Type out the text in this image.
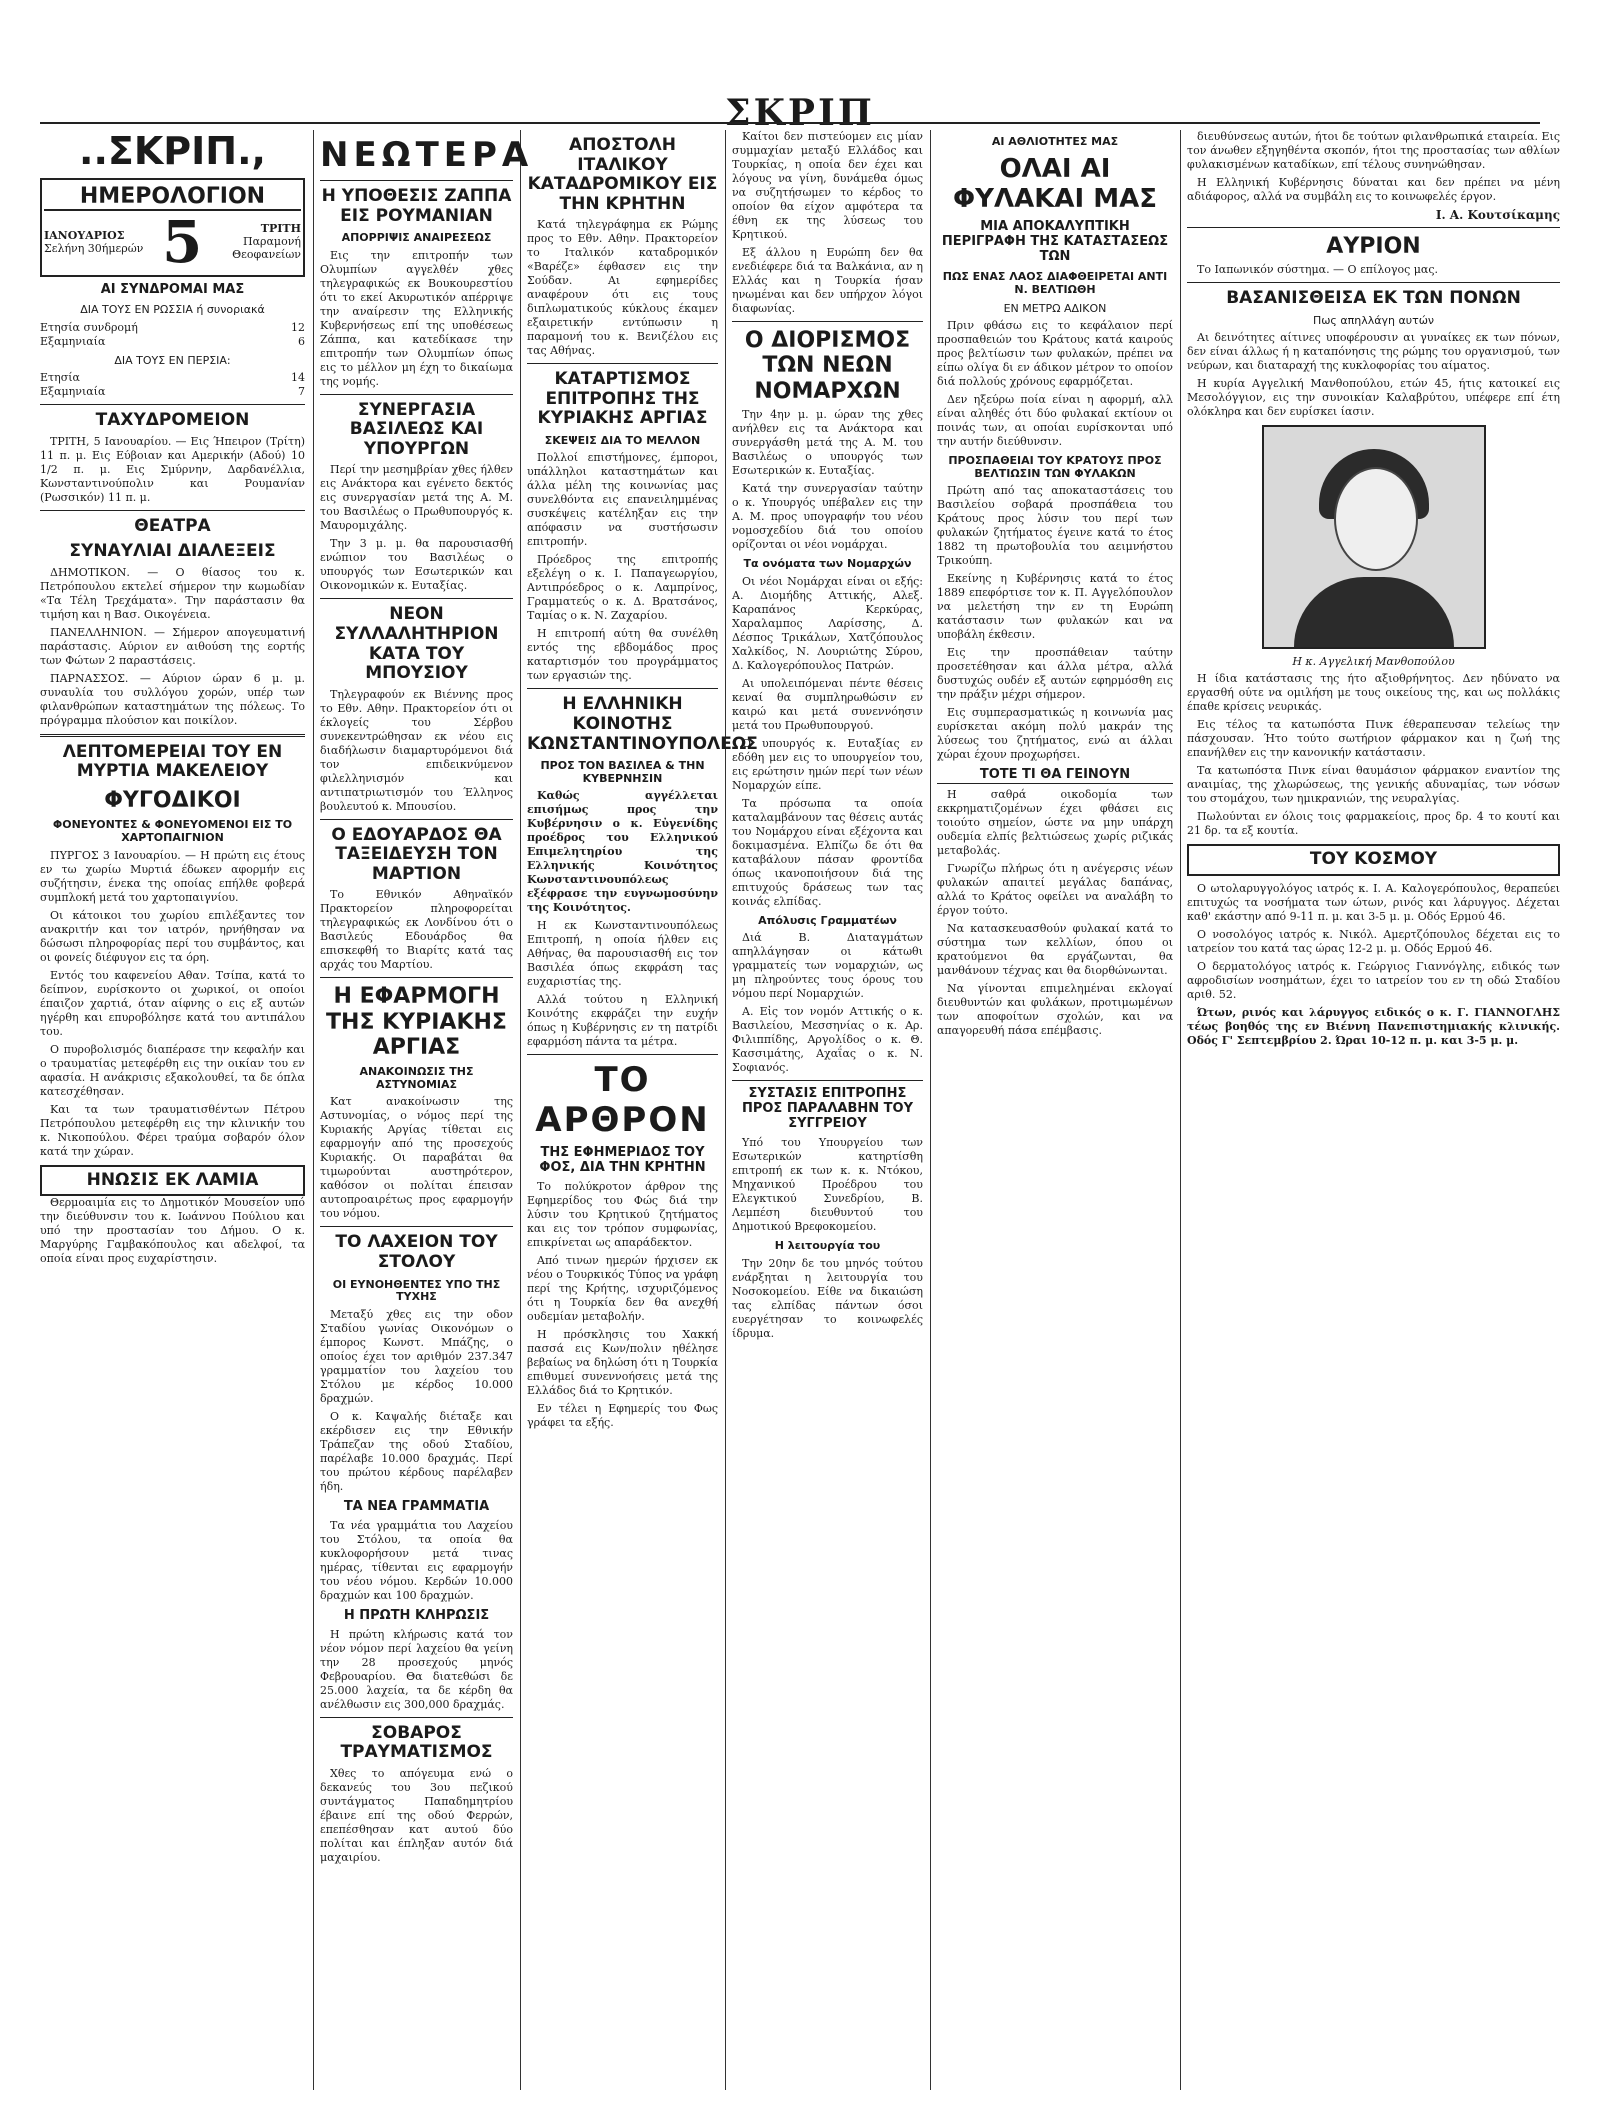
ΣΚΡΙΠ
..ΣΚΡΙΠ.,
ΗΜΕΡΟΛΟΓΙΟΝ
ΙΑΝΟΥΑΡΙΟΣ
Σελήνη 30ήμερών 5	ΤΡΙΤΗ
Παραμονή Θεοφανείων
ΑΙ ΣΥΝΔΡΟΜΑΙ ΜΑΣ
ΔΙΑ ΤΟΥΣ ΕΝ ΡΩΣΣΙΑ ή συνοριακά
Ετησία συνδρομή	12
Εξαμηνιαία	6
ΔΙΑ ΤΟΥΣ ΕΝ ΠΕΡΣΙΑ:
Ετησία	14
Εξαμηνιαία	7
ΤΑΧΥΔΡΟΜΕΙΟΝ

ΤΡΙΤΗ, 5 Ιανουαρίου. — Εις Ήπειρον (Τρίτη) 11 π. μ. Εις Εύβοιαν και Αμερικήν (Αδού) 10 1/2 π. μ. Εις Σμύρνην, Δαρδανέλλια, Κωνσταντινούπολιν και Ρουμανίαν (Ρωσσικόν) 11 π. μ.

ΘΕΑΤΡΑ
ΣΥΝΑΥΛΙΑΙ ΔΙΑΛΕΞΕΙΣ

ΔΗΜΟΤΙΚΟΝ. — Ο θίασος του κ. Πετρόπουλου εκτελεί σήμερον την κωμωδίαν «Τα Τέλη Τρεχάματα». Την παράστασιν θα τιμήση και η Βασ. Οικογένεια.

ΠΑΝΕΛΛΗΝΙΟΝ. — Σήμερον απογευματινή παράστασις. Αύριον εν αιθούση της εορτής των Φώτων 2 παραστάσεις.

ΠΑΡΝΑΣΣΟΣ. — Αύριον ώραν 6 μ. μ. συναυλία του συλλόγου χορών, υπέρ των φιλανθρώπων καταστημάτων της πόλεως. Το πρόγραμμα πλούσιον και ποικίλον.

ΛΕΠΤΟΜΕΡΕΙΑΙ ΤΟΥ ΕΝ ΜΥΡΤΙΑ ΜΑΚΕΛΕΙΟΥ
ΦΥΓΟΔΙΚΟΙ
ΦΟΝΕΥΟΝΤΕΣ & ΦΟΝΕΥΟΜΕΝΟΙ ΕΙΣ ΤΟ ΧΑΡΤΟΠΑΙΓΝΙΟΝ

ΠΥΡΓΟΣ 3 Ιανουαρίου. — Η πρώτη εις έτους εν τω χωρίω Μυρτιά έδωκεν αφορμήν εις συζήτησιν, ένεκα της οποίας επήλθε φοβερά συμπλοκή μετά του χαρτοπαιγνίου.

Οι κάτοικοι του χωρίου επιλέξαντες τον ανακριτήν και τον ιατρόν, ηρνήθησαν να δώσωσι πληροφορίας περί του συμβάντος, και οι φονείς διέφυγον εις τα όρη.

Εντός του καφενείου Αθαν. Τσίπα, κατά το δείπνον, ευρίσκοντο οι χωρικοί, οι οποίοι έπαιζον χαρτιά, όταν αίφνης ο εις εξ αυτών ηγέρθη και επυροβόλησε κατά του αντιπάλου του.

Ο πυροβολισμός διαπέρασε την κεφαλήν και ο τραυματίας μετεφέρθη εις την οικίαν του εν αφασία. Η ανάκρισις εξακολουθεί, τα δε όπλα κατεσχέθησαν.

Και τα των τραυματισθέντων Πέτρου Πετρόπουλου μετεφέρθη εις την κλινικήν του κ. Νικοπούλου. Φέρει τραύμα σοβαρόν όλον κατά την χώραν.

ΗΝΩΣΙΣ ΕΚ ΛΑΜΙΑ

Θερμοαιμία εις το Δημοτικόν Μουσείον υπό την διεύθυνσιν του κ. Ιωάννου Πούλιου και υπό την προστασίαν του Δήμου. Ο κ. Μαργύρης Γαμβακόπουλος και αδελφοί, τα οποία είναι προς ευχαρίστησιν.

ΝΕΩΤΕΡΑ
Η ΥΠΟΘΕΣΙΣ ΖΑΠΠΑ ΕΙΣ ΡΟΥΜΑΝΙΑΝ
ΑΠΟΡΡΙΨΙΣ ΑΝΑΙΡΕΣΕΩΣ

Εις την επιτροπήν των Ολυμπίων αγγελθέν χθες τηλεγραφικώς εκ Βουκουρεστίου ότι το εκεί Ακυρωτικόν απέρριψε την αναίρεσιν της Ελληνικής Κυβερνήσεως επί της υποθέσεως Ζάππα, και κατεδίκασε την επιτροπήν των Ολυμπίων όπως εις το μέλλον μη έχη το δικαίωμα της νομής.

ΣΥΝΕΡΓΑΣΙΑ ΒΑΣΙΛΕΩΣ ΚΑΙ ΥΠΟΥΡΓΩΝ

Περί την μεσημβρίαν χθες ήλθεν εις Ανάκτορα και εγένετο δεκτός εις συνεργασίαν μετά της Α. Μ. του Βασιλέως ο Πρωθυπουργός κ. Μαυρομιχάλης.

Την 3 μ. μ. θα παρουσιασθή ενώπιον του Βασιλέως ο υπουργός των Εσωτερικών και Οικονομικών κ. Ευταξίας.

ΝΕΟΝ ΣΥΛΛΑΛΗΤΗΡΙΟΝ ΚΑΤΑ ΤΟΥ ΜΠΟΥΣΙΟΥ

Τηλεγραφούν εκ Βιέννης προς το Εθν. Αθην. Πρακτορείον ότι οι έκλογείς του Σέρβου συνεκεντρώθησαν εκ νέου εις διαδήλωσιν διαμαρτυρόμενοι διά τον επιδεικνύμενον φιλελληνισμόν και αντιπατριωτισμόν του Έλληνος βουλευτού κ. Μπουσίου.

Ο ΕΔΟΥΑΡΔΟΣ ΘΑ ΤΑΞΕΙΔΕΥΣΗ ΤΟΝ ΜΑΡΤΙΟΝ

Το Εθνικόν Αθηναϊκόν Πρακτορείον πληροφορείται τηλεγραφικώς εκ Λονδίνου ότι ο Βασιλεύς Εδουάρδος θα επισκεφθή το Βιαρίτς κατά τας αρχάς του Μαρτίου.

Η ΕΦΑΡΜΟΓΗ ΤΗΣ ΚΥΡΙΑΚΗΣ ΑΡΓΙΑΣ
ΑΝΑΚΟΙΝΩΣΙΣ ΤΗΣ ΑΣΤΥΝΟΜΙΑΣ

Κατ ανακοίνωσιν της Αστυνομίας, ο νόμος περί της Κυριακής Αργίας τίθεται εις εφαρμογήν από της προσεχούς Κυριακής. Οι παραβάται θα τιμωρούνται αυστηρότερον, καθόσον οι πολίται έπεισαν αυτοπροαιρέτως προς εφαρμογήν του νόμου.

ΤΟ ΛΑΧΕΙΟΝ ΤΟΥ ΣΤΟΛΟΥ
ΟΙ ΕΥΝΟΗΘΕΝΤΕΣ ΥΠΟ ΤΗΣ ΤΥΧΗΣ

Μεταξύ χθες εις την οδον Σταδίου γωνίας Οικονόμων ο έμπορος Κωνστ. Μπάζης, ο οποίος έχει τον αριθμόν 237.347 γραμματίον του λαχείου του Στόλου με κέρδος 10.000 δραχμών.

Ο κ. Καψαλής διέταξε και εκέρδισεν εις την Εθνικήν Τράπεζαν της οδού Σταδίου, παρέλαβε 10.000 δραχμάς. Περί του πρώτου κέρδους παρέλαβεν ήδη.

ΤΑ ΝΕΑ ΓΡΑΜΜΑΤΙΑ

Τα νέα γραμμάτια του Λαχείου του Στόλου, τα οποία θα κυκλοφορήσουν μετά τινας ημέρας, τίθενται εις εφαρμογήν του νέου νόμου. Κερδών 10.000 δραχμών και 100 δραχμών.

Η ΠΡΩΤΗ ΚΛΗΡΩΣΙΣ

Η πρώτη κλήρωσις κατά τον νέον νόμον περί λαχείου θα γείνη την 28 προσεχούς μηνός Φεβρουαρίου. Θα διατεθώσι δε 25.000 λαχεία, τα δε κέρδη θα ανέλθωσιν εις 300,000 δραχμάς.

ΣΟΒΑΡΟΣ ΤΡΑΥΜΑΤΙΣΜΟΣ

Χθες το απόγευμα ενώ ο δεκανεύς του 3ου πεζικού συντάγματος Παπαδημητρίου έβαινε επί της οδού Φερρών, επεπέσθησαν κατ αυτού δύο πολίται και έπληξαν αυτόν διά μαχαιρίου.

ΑΠΟΣΤΟΛΗ ΙΤΑΛΙΚΟΥ ΚΑΤΑΔΡΟΜΙΚΟΥ ΕΙΣ ΤΗΝ ΚΡΗΤΗΝ

Κατά τηλεγράφημα εκ Ρώμης προς το Εθν. Αθην. Πρακτορείον το Ιταλικόν καταδρομικόν «Βαρέζε» έφθασεν εις την Σούδαν. Αι εφημερίδες αναφέρουν ότι εις τους διπλωματικούς κύκλους έκαμεν εξαιρετικήν εντύπωσιν η παραμονή του κ. Βενιζέλου εις τας Αθήνας.

ΚΑΤΑΡΤΙΣΜΟΣ ΕΠΙΤΡΟΠΗΣ ΤΗΣ ΚΥΡΙΑΚΗΣ ΑΡΓΙΑΣ
ΣΚΕΨΕΙΣ ΔΙΑ ΤΟ ΜΕΛΛΟΝ

Πολλοί επιστήμονες, έμποροι, υπάλληλοι καταστημάτων και άλλα μέλη της κοινωνίας μας συνελθόντα εις επανειλημμένας συσκέψεις κατέληξαν εις την απόφασιν να συστήσωσιν επιτροπήν.

Πρόεδρος της επιτροπής εξελέγη ο κ. Ι. Παπαγεωργίου, Αντιπρόεδρος ο κ. Λαμπρίνος, Γραμματεύς ο κ. Δ. Βρατσάνος, Ταμίας ο κ. Ν. Ζαχαρίου.

Η επιτροπή αύτη θα συνέλθη εντός της εβδομάδος προς καταρτισμόν του προγράμματος των εργασιών της.

Η ΕΛΛΗΝΙΚΗ ΚΟΙΝΟΤΗΣ ΚΩΝΣΤΑΝΤΙΝΟΥΠΟΛΕΩΣ
ΠΡΟΣ ΤΟΝ ΒΑΣΙΛΕΑ & ΤΗΝ ΚΥΒΕΡΝΗΣΙΝ

Καθώς αγγέλλεται επισήμως προς την Κυβέρνησιν ο κ. Εὐγενίδης προέδρος του Ελληνικού Επιμελητηρίου της Ελληνικής Κοινότητος Κωνσταντινουπόλεως εξέφρασε την ευγνωμοσύνην της Κοινότητος.

Η εκ Κωνσταντινουπόλεως Επιτροπή, η οποία ήλθεν εις Αθήνας, θα παρουσιασθή εις τον Βασιλέα όπως εκφράση τας ευχαριστίας της.

Αλλά τούτου η Ελληνική Κοινότης εκφράζει την ευχήν όπως η Κυβέρνησις εν τη πατρίδι εφαρμόση πάντα τα μέτρα.

ΤΟ ΑΡΘΡΟΝ
ΤΗΣ ΕΦΗΜΕΡΙΔΟΣ ΤΟΥ ΦΟΣ, ΔΙΑ ΤΗΝ ΚΡΗΤΗΝ

Το πολύκροτον άρθρον της Εφημερίδος του Φώς διά την λύσιν του Κρητικού ζητήματος και εις τον τρόπον συμφωνίας, επικρίνεται ως απαράδεκτον.

Από τινων ημερών ήρχισεν εκ νέου ο Τουρκικός Τύπος να γράφη περί της Κρήτης, ισχυριζόμενος ότι η Τουρκία δεν θα ανεχθή ουδεμίαν μεταβολήν.

Η πρόσκλησις του Χακκή πασσά εις Κων/πολιν ηθέλησε βεβαίως να δηλώση ότι η Τουρκία επιθυμεί συνεννοήσεις μετά της Ελλάδος διά το Κρητικόν.

Εν τέλει η Εφημερίς του Φως γράφει τα εξής.

Καίτοι δεν πιστεύομεν εις μίαν συμμαχίαν μεταξύ Ελλάδος και Τουρκίας, η οποία δεν έχει και λόγους να γίνη, δυνάμεθα όμως να συζητήσωμεν το κέρδος το οποίον θα είχον αμφότερα τα έθνη εκ της λύσεως του Κρητικού.

Εξ άλλου η Ευρώπη δεν θα ενεδιέφερε διά τα Βαλκάνια, αν η Ελλάς και η Τουρκία ήσαν ηνωμέναι και δεν υπήρχον λόγοι διαφωνίας.

Ο ΔΙΟΡΙΣΜΟΣ ΤΩΝ ΝΕΩΝ ΝΟΜΑΡΧΩΝ

Την 4ην μ. μ. ώραν της χθες ανήλθεν εις τα Ανάκτορα και συνεργάσθη μετά της Α. Μ. του Βασιλέως ο υπουργός των Εσωτερικών κ. Ευταξίας.

Κατά την συνεργασίαν ταύτην ο κ. Υπουργός υπέβαλεν εις την Α. Μ. προς υπογραφήν του νέου νομοσχεδίου διά του οποίου ορίζονται οι νέοι νομάρχαι.

Τα ονόματα των Νομαρχών

Οι νέοι Νομάρχαι είναι οι εξής: Α. Διομήδης Αττικής, Αλεξ. Καραπάνος Κερκύρας, Χαραλαμπος Λαρίσσης, Δ. Δέσπος Τρικάλων, Χατζόπουλος Χαλκίδος, Ν. Λουριώτης Σύρου, Δ. Καλογερόπουλος Πατρών.

Αι υπολειπόμεναι πέντε θέσεις κεναί θα συμπληρωθώσιν εν καιρώ και μετά συνεννόησιν μετά του Πρωθυπουργού.

Ο υπουργός κ. Ευταξίας εν εδόθη μεν εις το υπουργείον του, εις ερώτησιν ημών περί των νέων Νομαρχών είπε.

Τα πρόσωπα τα οποία καταλαμβάνουν τας θέσεις αυτάς του Νομάρχου είναι εξέχοντα και δοκιμασμένα. Ελπίζω δε ότι θα καταβάλουν πάσαν φροντίδα όπως ικανοποιήσουν διά της επιτυχούς δράσεως των τας κοινάς ελπίδας.

Απόλυσις Γραμματέων

Διά Β. Διαταγμάτων απηλλάγησαν οι κάτωθι γραμματείς των νομαρχιών, ως μη πληρούντες τους όρους του νόμου περί Νομαρχιών.

Α. Εἰς τον νομόν Αττικής ο κ. Βασιλείου, Μεσσηνίας ο κ. Αρ. Φιλιππίδης, Αργολίδος ο κ. Θ. Κασσιμάτης, Αχαΐας ο κ. Ν. Σοφιανός.

ΣΥΣΤΑΣΙΣ ΕΠΙΤΡΟΠΗΣ ΠΡΟΣ ΠΑΡΑΛΑΒΗΝ ΤΟΥ ΣΥΓΓΡΕΙΟΥ

Υπό του Υπουργείου των Εσωτερικών κατηρτίσθη επιτροπή εκ των κ. κ. Ντόκου, Μηχανικού Προέδρου του Ελεγκτικού Συνεδρίου, Β. Λεμπέση διευθυντού του Δημοτικού Βρεφοκομείου.

Η λειτουργία του

Την 20ην δε του μηνός τούτου ενάρξηται η λειτουργία του Νοσοκομείου. Είθε να δικαιώση τας ελπίδας πάντων όσοι ευεργέτησαν το κοινωφελές ίδρυμα.

ΑΙ ΑΘΛΙΟΤΗΤΕΣ ΜΑΣ
ΟΛΑΙ ΑΙ ΦΥΛΑΚΑΙ ΜΑΣ
ΜΙΑ ΑΠΟΚΑΛΥΠΤΙΚΗ ΠΕΡΙΓΡΑΦΗ ΤΗΣ ΚΑΤΑΣΤΑΣΕΩΣ ΤΩΝ
ΠΩΣ ΕΝΑΣ ΛΑΟΣ ΔΙΑΦΘΕΙΡΕΤΑΙ ΑΝΤΙ Ν. ΒΕΛΤΙΩΘΗ
ΕΝ ΜΕΤΡΩ ΑΔΙΚΟΝ

Πριν φθάσω εις το κεφάλαιον περί προσπαθειών του Κράτους κατά καιρούς προς βελτίωσιν των φυλακών, πρέπει να είπω ολίγα δι εν άδικον μέτρον το οποίον διά πολλούς χρόνους εφαρμόζεται.

Δεν ηξεύρω ποία είναι η αφορμή, αλλ είναι αληθές ότι δύο φυλακαί εκτίουν οι ποινάς των, αι οποίαι ευρίσκονται υπό την αυτήν διεύθυνσιν.

ΠΡΟΣΠΑΘΕΙΑΙ ΤΟΥ ΚΡΑΤΟΥΣ ΠΡΟΣ ΒΕΛΤΙΩΣΙΝ ΤΩΝ ΦΥΛΑΚΩΝ

Πρώτη από τας αποκαταστάσεις του Βασιλείου σοβαρά προσπάθεια του Κράτους προς λύσιν του περί των φυλακών ζητήματος έγεινε κατά το έτος 1882 τη πρωτοβουλία του αειμνήστου Τρικούπη.

Εκείνης η Κυβέρνησις κατά το έτος 1889 επεφόρτισε τον κ. Π. Αγγελόπουλον να μελετήση την εν τη Ευρώπη κατάστασιν των φυλακών και να υποβάλη έκθεσιν.

Εις την προσπάθειαν ταύτην προσετέθησαν και άλλα μέτρα, αλλά δυστυχώς ουδέν εξ αυτών εφηρμόσθη εις την πράξιν μέχρι σήμερον.

Εις συμπερασματικώς η κοινωνία μας ευρίσκεται ακόμη πολύ μακράν της λύσεως του ζητήματος, ενώ αι άλλαι χώραι έχουν προχωρήσει.

ΤΟΤΕ ΤΙ ΘΑ ΓΕΙΝΟΥΝ

Η σαθρά οικοδομία των εκκρηματιζομένων έχει φθάσει εις τοιούτο σημείον, ώστε να μην υπάρχη ουδεμία ελπίς βελτιώσεως χωρίς ριζικάς μεταβολάς.

Γνωρίζω πλήρως ότι η ανέγερσις νέων φυλακών απαιτεί μεγάλας δαπάνας, αλλά το Κράτος οφείλει να αναλάβη το έργον τούτο.

Να κατασκευασθούν φυλακαί κατά το σύστημα των κελλίων, όπου οι κρατούμενοι θα εργάζωνται, θα μανθάνουν τέχνας και θα διορθώνωνται.

Να γίνονται επιμελημέναι εκλογαί διευθυντών και φυλάκων, προτιμωμένων των αποφοίτων σχολών, και να απαγορευθή πάσα επέμβασις.

διευθύνσεως αυτών, ήτοι δε τούτων φιλανθρωπικά εταιρεία. Εις τον άνωθεν εξηγηθέντα σκοπόν, ήτοι της προστασίας των αθλίων φυλακισμένων καταδίκων, επί τέλους συνηνώθησαν.

Η Ελληνική Κυβέρνησις δύναται και δεν πρέπει να μένη αδιάφορος, αλλά να συμβάλη εις το κοινωφελές έργον.

Ι. Α. Κουτσίκαμης
ΑΥΡΙΟΝ

Το Ιαπωνικόν σύστημα. — Ο επίλογος μας.

ΒΑΣΑΝΙΣΘΕΙΣΑ ΕΚ ΤΩΝ ΠΟΝΩΝ
Πως απηλλάγη αυτών

Αι δεινότητες αίτινες υποφέρουσιν αι γυναίκες εκ των πόνων, δεν είναι άλλως ή η καταπόνησις της ρώμης του οργανισμού, των νεύρων, και διαταραχή της κυκλοφορίας του αίματος.

Η κυρία Αγγελική Μανθοπούλου, ετών 45, ήτις κατοικεί εις Μεσολόγγιον, εις την συνοικίαν Καλαβρύτου, υπέφερε επί έτη ολόκληρα και δεν ευρίσκει ίασιν.

Η κ. Αγγελική Μανθοπούλου

Η ίδια κατάστασις της ήτο αξιοθρήνητος. Δεν ηδύνατο να εργασθή ούτε να ομιλήση με τους οικείους της, και ως πολλάκις έπαθε κρίσεις νευρικάς.

Εις τέλος τα κατωπόστα Πινκ έθεραπευσαν τελείως την πάσχουσαν. Ήτο τούτο σωτήριον φάρμακον και η ζωή της επανήλθεν εις την κανονικήν κατάστασιν.

Τα κατωπόστα Πινκ είναι θαυμάσιον φάρμακον εναντίον της αναιμίας, της χλωρώσεως, της γενικής αδυναμίας, των νόσων του στομάχου, των ημικρανιών, της νευραλγίας.

Πωλούνται εν όλοις τοις φαρμακείοις, προς δρ. 4 το κουτί και 21 δρ. τα εξ κουτία.

ΤΟΥ ΚΟΣΜΟΥ

Ο ωτολαρυγγολόγος ιατρός κ. Ι. Α. Καλογερόπουλος, θεραπεύει επιτυχώς τα νοσήματα των ώτων, ρινός και λάρυγγος. Δέχεται καθ' εκάστην από 9-11 π. μ. και 3-5 μ. μ. Οδός Ερμού 46.

Ο νοσολόγος ιατρός κ. Νικόλ. Αμερτζόπουλος δέχεται εις το ιατρείον του κατά τας ώρας 12-2 μ. μ. Οδός Ερμού 46.

Ο δερματολόγος ιατρός κ. Γεώργιος Γιαννόγλης, ειδικός των αφροδισίων νοσημάτων, έχει το ιατρείον του εν τη οδώ Σταδίου αριθ. 52.

Ώτων, ρινός και λάρυγγος ειδικός ο κ. Γ. ΓΙΑΝΝΟΓΛΗΣ τέως βοηθός της εν Βιέννη Πανεπιστημιακής κλινικής. Οδός Γ' Σεπτεμβρίου 2. Ώραι 10-12 π. μ. και 3-5 μ. μ.
